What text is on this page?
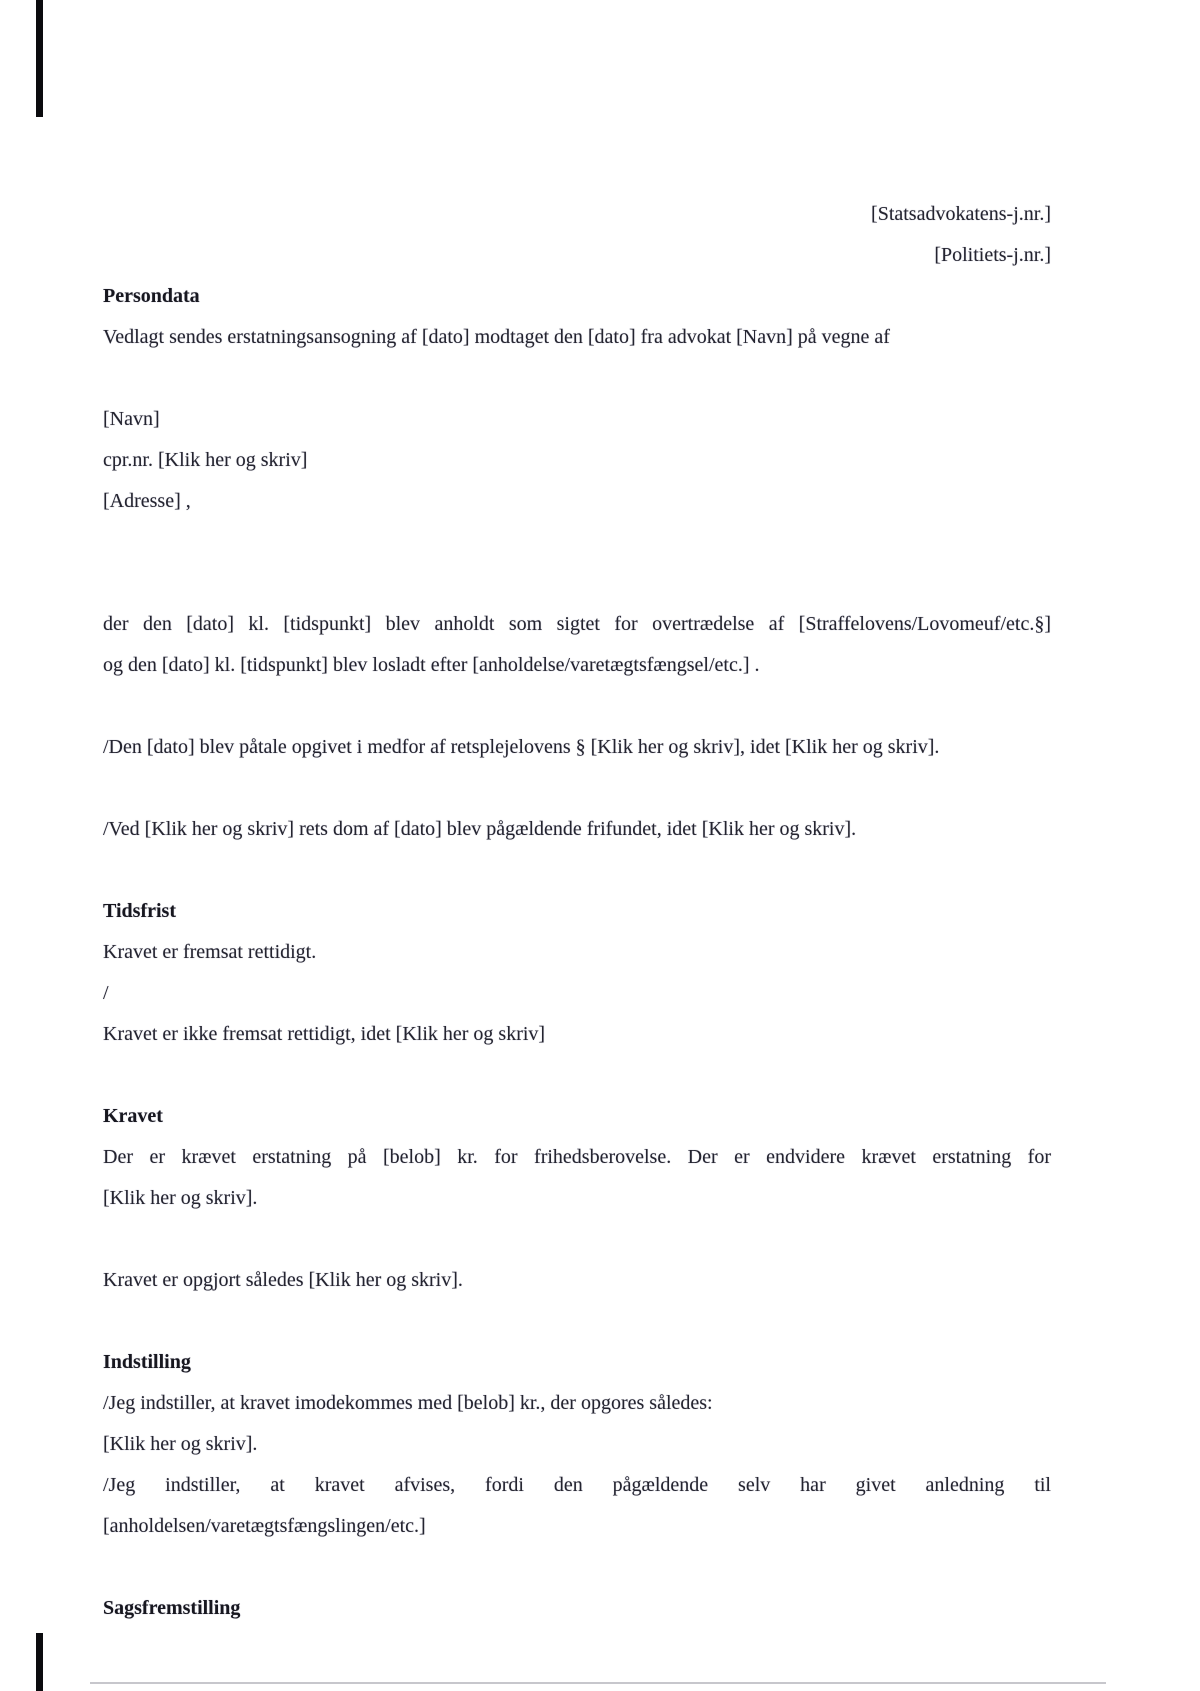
[Statsadvokatens-j.nr.]
[Politiets-j.nr.]
Persondata
Vedlagt sendes erstatningsansogning af [dato] modtaget den [dato] fra advokat [Navn] på vegne af
[Navn]
cpr.nr. [Klik her og skriv]
[Adresse] ,
der den [dato] kl. [tidspunkt] blev anholdt som sigtet for overtrædelse af [Straffelovens/Lovomeuf/etc.§]
og den [dato] kl. [tidspunkt] blev losladt efter [anholdelse/varetægtsfængsel/etc.] .
/Den [dato] blev påtale opgivet i medfor af retsplejelovens § [Klik her og skriv], idet [Klik her og skriv].
/Ved [Klik her og skriv] rets dom af [dato] blev pågældende frifundet, idet [Klik her og skriv].
Tidsfrist
Kravet er fremsat rettidigt.
/
Kravet er ikke fremsat rettidigt, idet [Klik her og skriv]
Kravet
Der er krævet erstatning på [belob] kr. for frihedsberovelse. Der er endvidere krævet erstatning for
[Klik her og skriv].
Kravet er opgjort således [Klik her og skriv].
Indstilling
/Jeg indstiller, at kravet imodekommes med [belob] kr., der opgores således:
[Klik her og skriv].
/Jeg indstiller, at kravet afvises, fordi den pågældende selv har givet anledning til
[anholdelsen/varetægtsfængslingen/etc.]
Sagsfremstilling
